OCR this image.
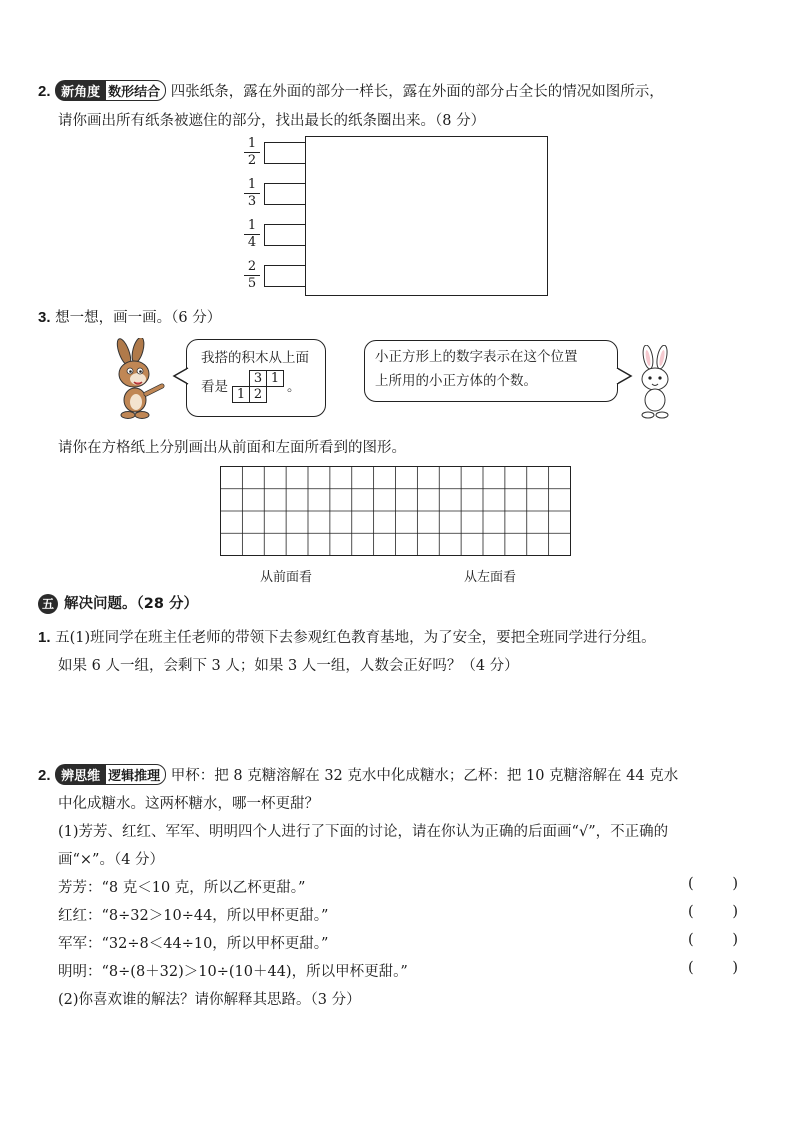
2. 新角度 数形结合 四张纸条，露在外面的部分一样长，露在外面的部分占全长的情况如图所示，
请你画出所有纸条被遮住的部分，找出最长的纸条圈出来。（8 分）
1
2
1
3
1
4
2
5
3. 想一想，画一画。（6 分）
我搭的积木从上面
看是	3 1
1 2	。
小正方形上的数字表示在这个位置
上所用的小正方体的个数。
请你在方格纸上分别画出从前面和左面所看到的图形。
从前面看	从左面看
五 解决问题。（28 分）
1. 五(1)班同学在班主任老师的带领下去参观红色教育基地，为了安全，要把全班同学进行分组。
如果 6 人一组，会剩下 3 人；如果 3 人一组，人数会正好吗？（4 分）
2. 辨思维 逻辑推理 甲杯：把 8 克糖溶解在 32 克水中化成糖水；乙杯：把 10 克糖溶解在 44 克水
中化成糖水。这两杯糖水，哪一杯更甜？
(1)芳芳、红红、军军、明明四个人进行了下面的讨论，请在你认为正确的后面画“√”，不正确的
画“×”。（4 分）
芳芳：“8 克＜10 克，所以乙杯更甜。”	(	)
红红：“8÷32＞10÷44，所以甲杯更甜。”	(	)
军军：“32÷8＜44÷10，所以甲杯更甜。”	(	)
明明：“8÷(8＋32)＞10÷(10＋44)，所以甲杯更甜。”	(	)
(2)你喜欢谁的解法？请你解释其思路。（3 分）
